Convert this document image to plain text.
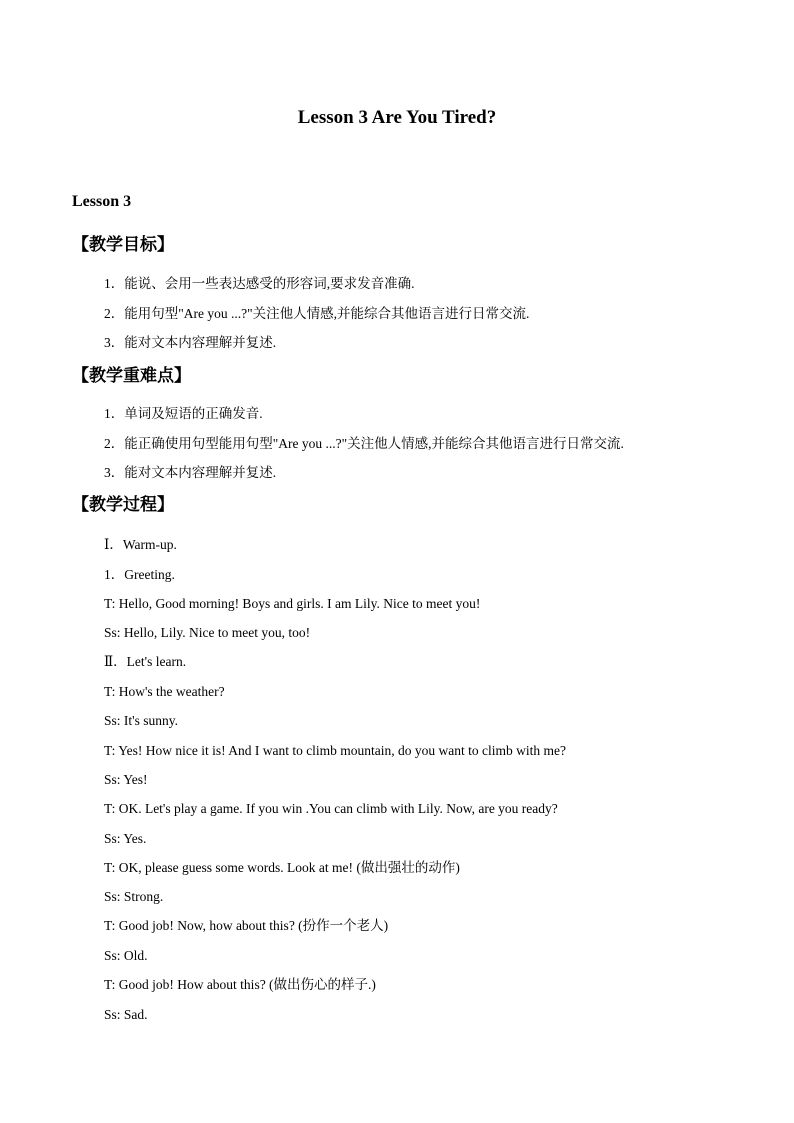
Lesson 3 Are You Tired?
Lesson 3
【教学目标】
1．能说、会用一些表达感受的形容词,要求发音准确.
2．能用句型"Are you ...?"关注他人情感,并能综合其他语言进行日常交流.
3．能对文本内容理解并复述.
【教学重难点】
1．单词及短语的正确发音.
2．能正确使用句型能用句型"Are you ...?"关注他人情感,并能综合其他语言进行日常交流.
3．能对文本内容理解并复述.
【教学过程】
Ⅰ．Warm-up.
1．Greeting.
T: Hello, Good morning! Boys and girls. I am Lily. Nice to meet you!
Ss: Hello, Lily. Nice to meet you, too!
Ⅱ．Let's learn.
T: How's the weather?
Ss: It's sunny.
T: Yes! How nice it is! And I want to climb mountain, do you want to climb with me?
Ss: Yes!
T: OK. Let's play a game. If you win .You can climb with Lily. Now, are you ready?
Ss: Yes.
T: OK, please guess some words. Look at me! (做出强壮的动作)
Ss: Strong.
T: Good job! Now, how about this? (扮作一个老人)
Ss: Old.
T: Good job! How about this? (做出伤心的样子.)
Ss: Sad.
